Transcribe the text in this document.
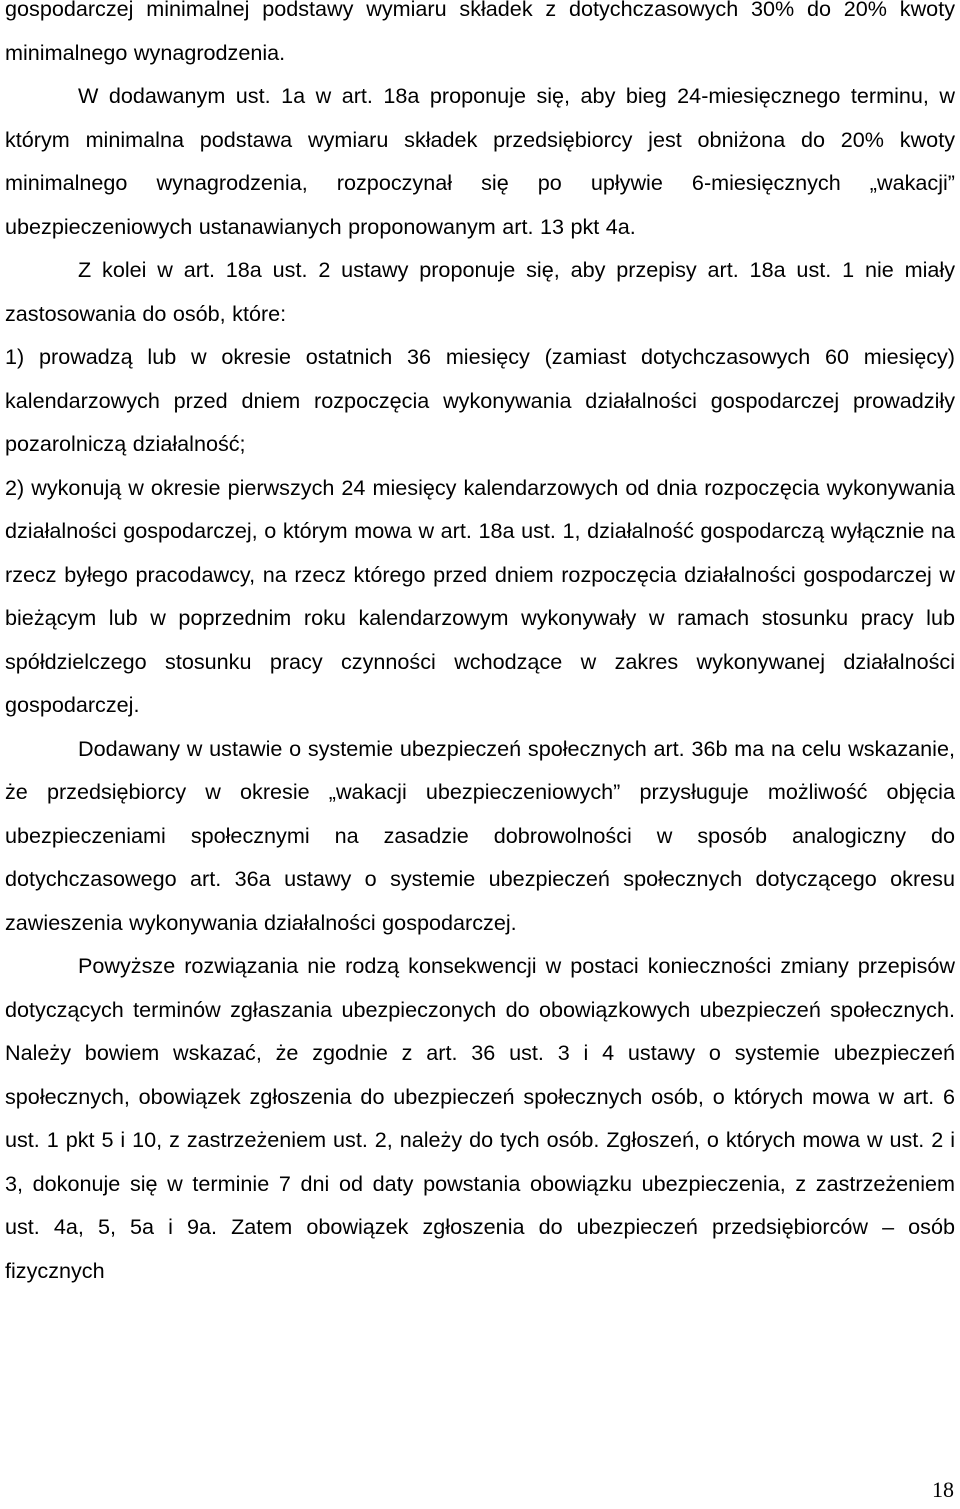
gospodarczej minimalnej podstawy wymiaru składek z dotychczasowych 30% do 20% kwoty minimalnego wynagrodzenia.

W dodawanym ust. 1a w art. 18a proponuje się, aby bieg 24-miesięcznego terminu, w którym minimalna podstawa wymiaru składek przedsiębiorcy jest obniżona do 20% kwoty minimalnego wynagrodzenia, rozpoczynał się po upływie 6-miesięcznych „wakacji” ubezpieczeniowych ustanawianych proponowanym art. 13 pkt 4a.

Z kolei w art. 18a ust. 2 ustawy proponuje się, aby przepisy art. 18a ust. 1 nie miały zastosowania do osób, które:

1) prowadzą lub w okresie ostatnich 36 miesięcy (zamiast dotychczasowych 60 miesięcy) kalendarzowych przed dniem rozpoczęcia wykonywania działalności gospodarczej prowadziły pozarolniczą działalność;

2) wykonują w okresie pierwszych 24 miesięcy kalendarzowych od dnia rozpoczęcia wykonywania działalności gospodarczej, o którym mowa w art. 18a ust. 1, działalność gospodarczą wyłącznie na rzecz byłego pracodawcy, na rzecz którego przed dniem rozpoczęcia działalności gospodarczej w bieżącym lub w poprzednim roku kalendarzowym wykonywały w ramach stosunku pracy lub spółdzielczego stosunku pracy czynności wchodzące w zakres wykonywanej działalności gospodarczej.

Dodawany w ustawie o systemie ubezpieczeń społecznych art. 36b ma na celu wskazanie, że przedsiębiorcy w okresie „wakacji ubezpieczeniowych” przysługuje możliwość objęcia ubezpieczeniami społecznymi na zasadzie dobrowolności w sposób analogiczny do dotychczasowego art. 36a ustawy o systemie ubezpieczeń społecznych dotyczącego okresu zawieszenia wykonywania działalności gospodarczej.

Powyższe rozwiązania nie rodzą konsekwencji w postaci konieczności zmiany przepisów dotyczących terminów zgłaszania ubezpieczonych do obowiązkowych ubezpieczeń społecznych. Należy bowiem wskazać, że zgodnie z art. 36 ust. 3 i 4 ustawy o systemie ubezpieczeń społecznych, obowiązek zgłoszenia do ubezpieczeń społecznych osób, o których mowa w art. 6 ust. 1 pkt 5 i 10, z zastrzeżeniem ust. 2, należy do tych osób. Zgłoszeń, o których mowa w ust. 2 i 3, dokonuje się w terminie 7 dni od daty powstania obowiązku ubezpieczenia, z zastrzeżeniem ust. 4a, 5, 5a i 9a. Zatem obowiązek zgłoszenia do ubezpieczeń przedsiębiorców – osób fizycznych

18
